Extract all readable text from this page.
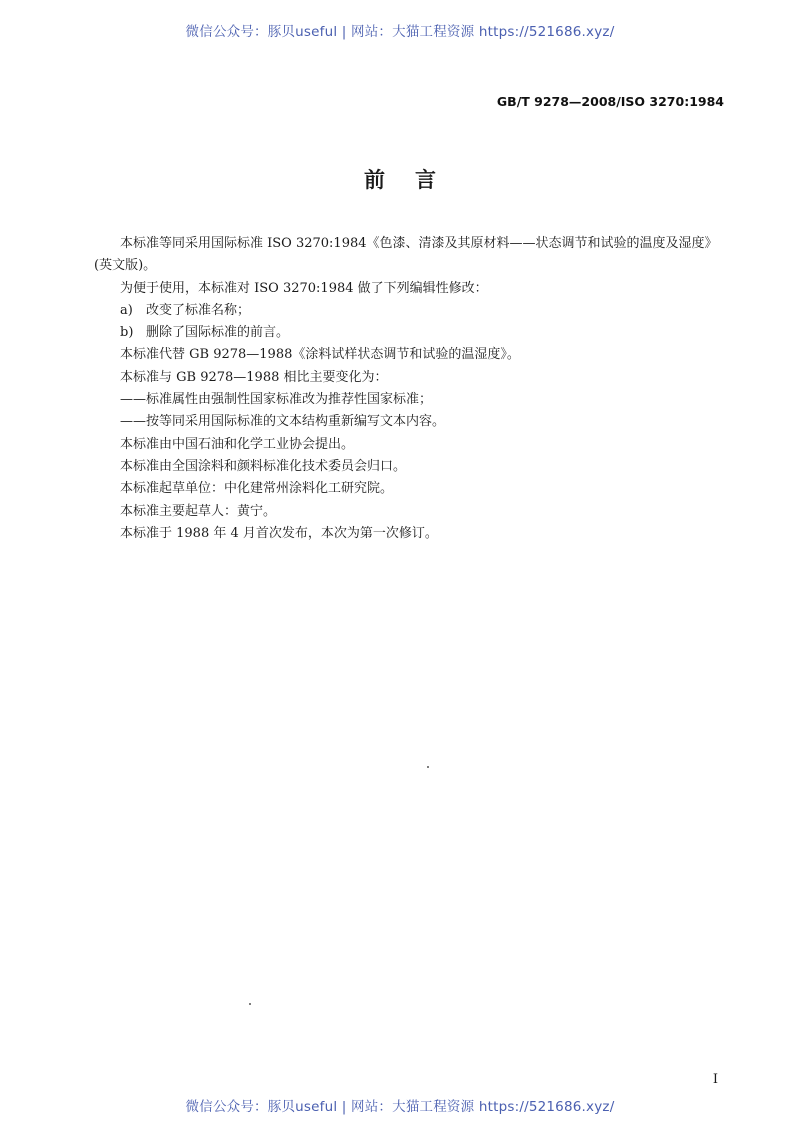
微信公众号：豚贝useful | 网站：大猫工程资源 https://521686.xyz/
GB/T 9278—2008/ISO 3270:1984
前言

本标准等同采用国际标准 ISO 3270:1984《色漆、清漆及其原材料——状态调节和试验的温度及湿度》(英文版)。

为便于使用，本标准对 ISO 3270:1984 做了下列编辑性修改：

a) 改变了标准名称；

b) 删除了国际标准的前言。

本标准代替 GB 9278—1988《涂料试样状态调节和试验的温湿度》。

本标准与 GB 9278—1988 相比主要变化为：

——标准属性由强制性国家标准改为推荐性国家标准；

——按等同采用国际标准的文本结构重新编写文本内容。

本标准由中国石油和化学工业协会提出。

本标准由全国涂料和颜料标准化技术委员会归口。

本标准起草单位：中化建常州涂料化工研究院。

本标准主要起草人：黄宁。

本标准于 1988 年 4 月首次发布，本次为第一次修订。

I
微信公众号：豚贝useful | 网站：大猫工程资源 https://521686.xyz/
